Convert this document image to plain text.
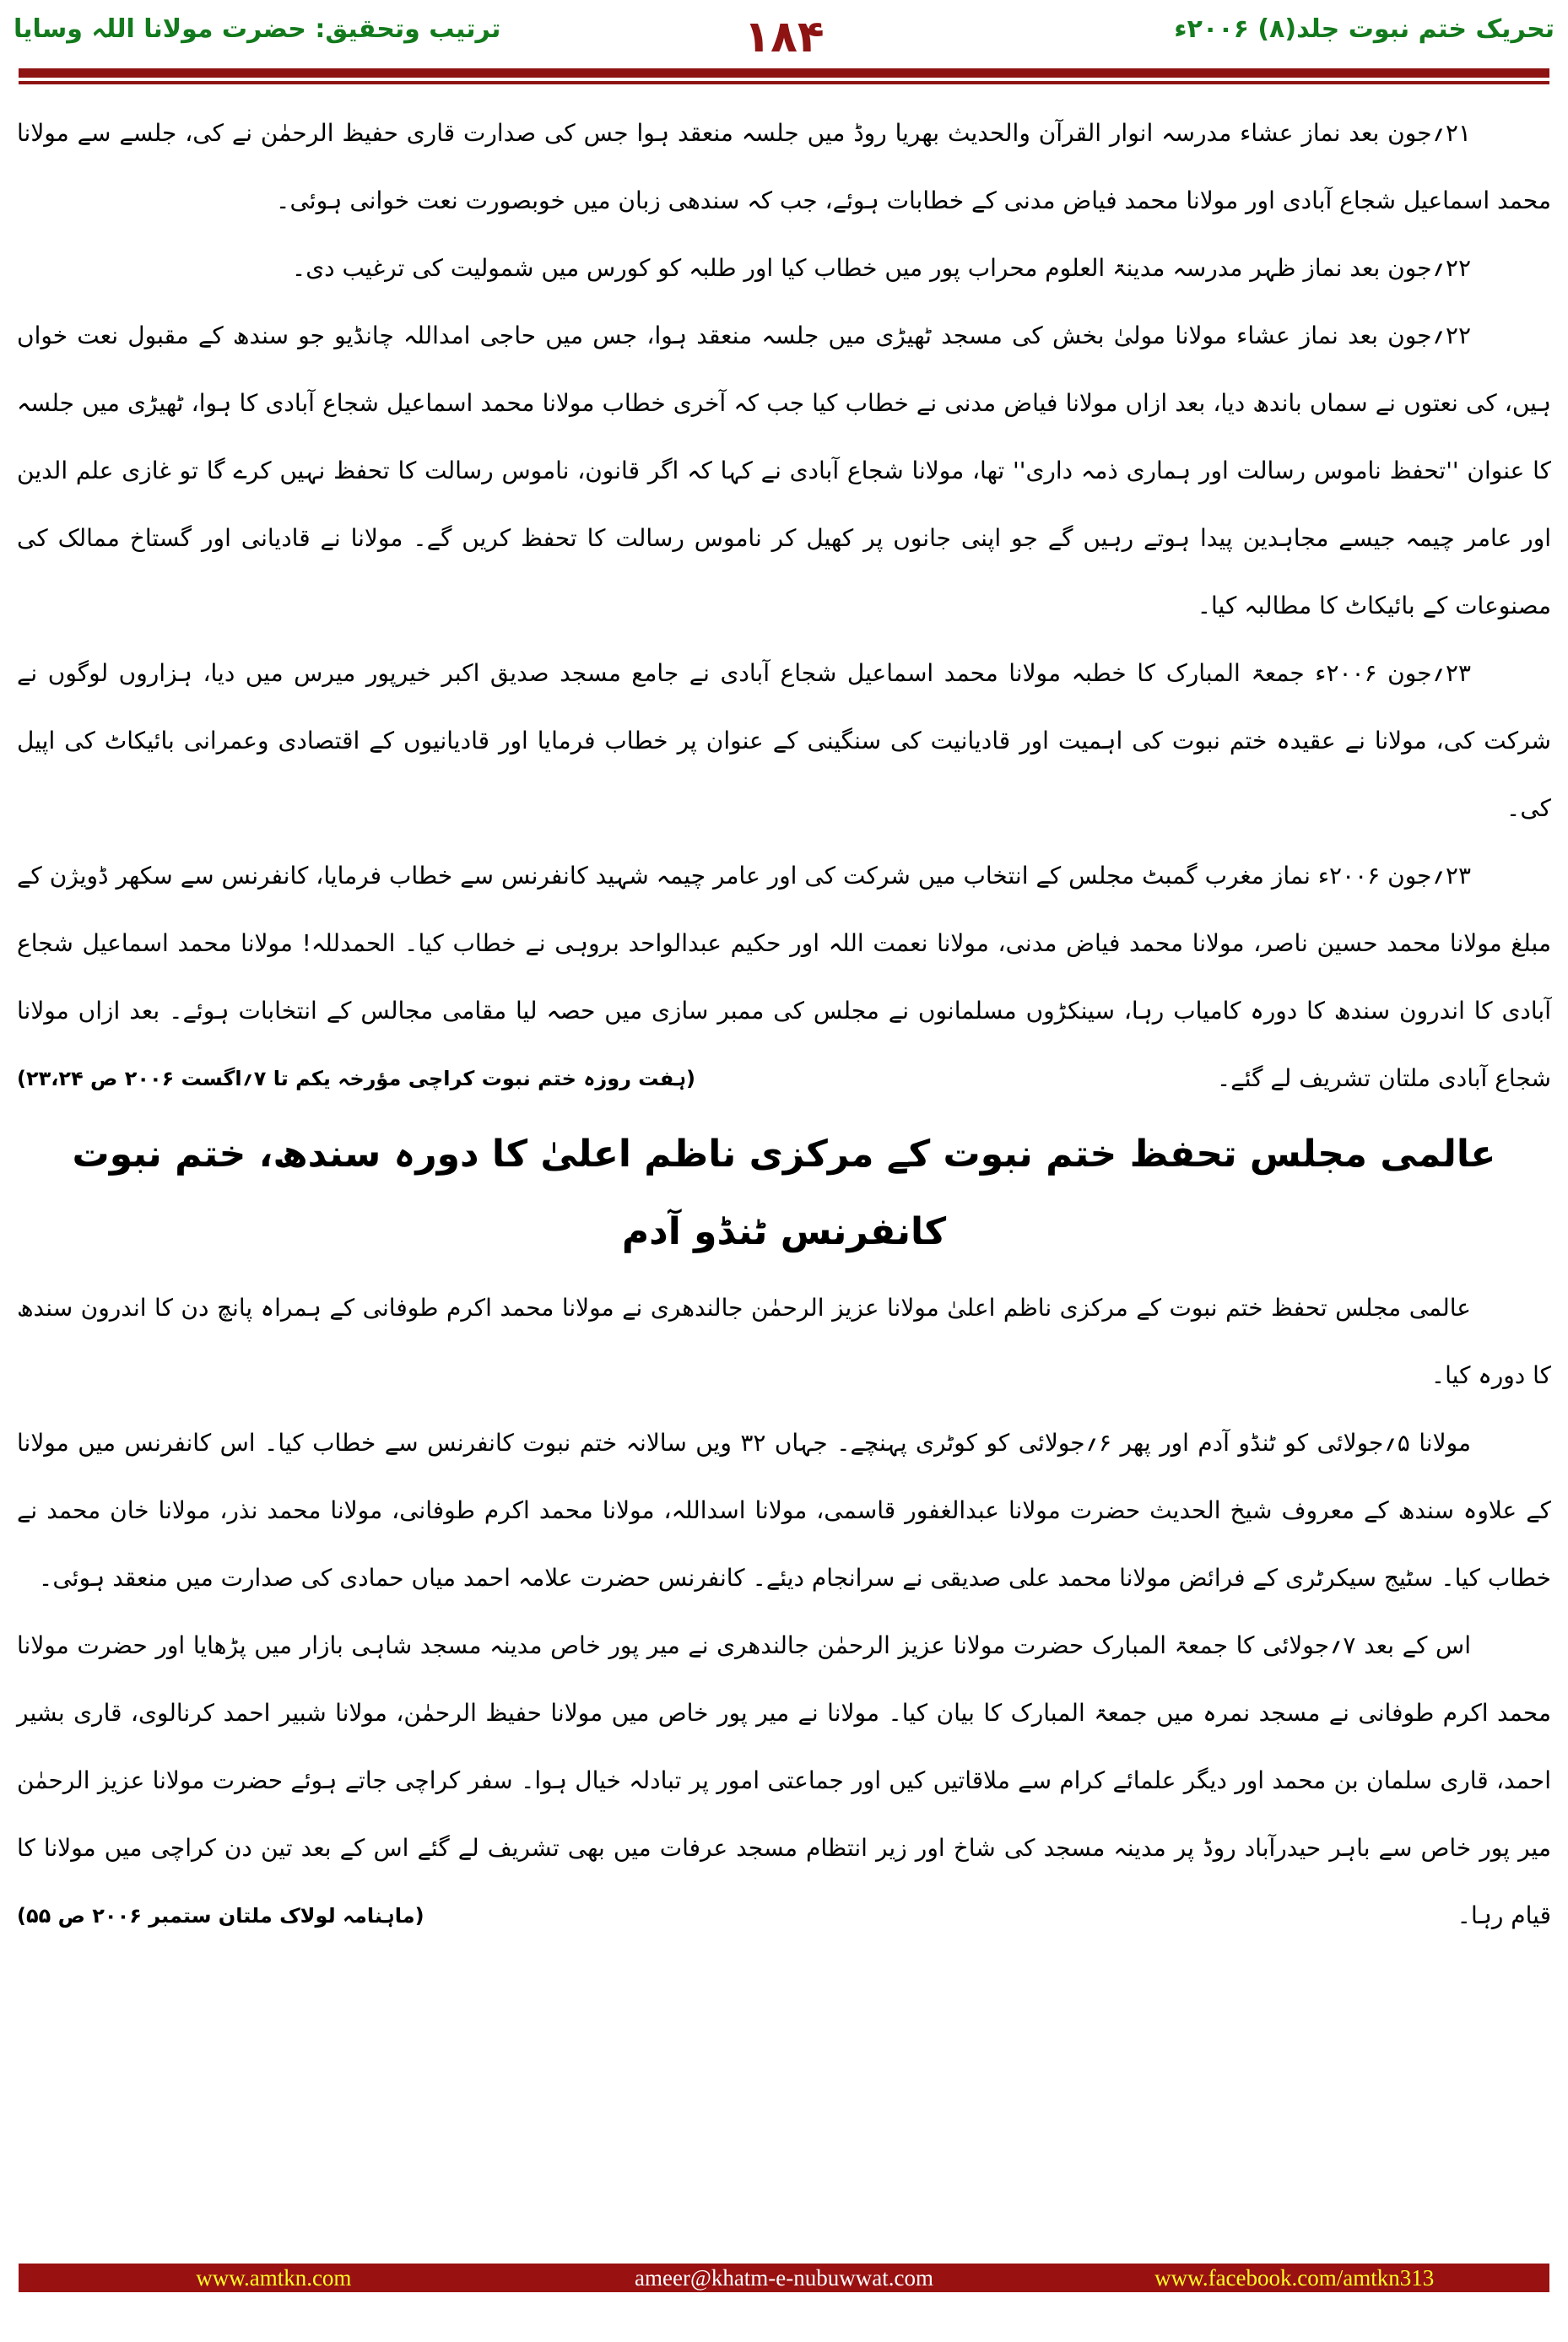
ترتیب وتحقیق: حضرت مولانا اللہ وسایا	۱۸۴	تحریک ختم نبوت جلد(۸) ۲۰۰۶ء

۲۱؍جون بعد نماز عشاء مدرسہ انوار القرآن والحدیث بھریا روڈ میں جلسہ منعقد ہوا جس کی صدارت قاری حفیظ الرحمٰن نے کی، جلسے سے مولانا محمد اسماعیل شجاع آبادی اور مولانا محمد فیاض مدنی کے خطابات ہوئے، جب کہ سندھی زبان میں خوبصورت نعت خوانی ہوئی۔

۲۲؍جون بعد نماز ظہر مدرسہ مدینۃ العلوم محراب پور میں خطاب کیا اور طلبہ کو کورس میں شمولیت کی ترغیب دی۔

۲۲؍جون بعد نماز عشاء مولانا مولیٰ بخش کی مسجد ٹھیڑی میں جلسہ منعقد ہوا، جس میں حاجی امداللہ چانڈیو جو سندھ کے مقبول نعت خواں ہیں، کی نعتوں نے سماں باندھ دیا، بعد ازاں مولانا فیاض مدنی نے خطاب کیا جب کہ آخری خطاب مولانا محمد اسماعیل شجاع آبادی کا ہوا، ٹھیڑی میں جلسہ کا عنوان ''تحفظ ناموس رسالت اور ہماری ذمہ داری'' تھا، مولانا شجاع آبادی نے کہا کہ اگر قانون، ناموس رسالت کا تحفظ نہیں کرے گا تو غازی علم الدین اور عامر چیمہ جیسے مجاہدین پیدا ہوتے رہیں گے جو اپنی جانوں پر کھیل کر ناموس رسالت کا تحفظ کریں گے۔ مولانا نے قادیانی اور گستاخ ممالک کی مصنوعات کے بائیکاٹ کا مطالبہ کیا۔

۲۳؍جون ۲۰۰۶ء جمعۃ المبارک کا خطبہ مولانا محمد اسماعیل شجاع آبادی نے جامع مسجد صدیق اکبر خیرپور میرس میں دیا، ہزاروں لوگوں نے شرکت کی، مولانا نے عقیدہ ختم نبوت کی اہمیت اور قادیانیت کی سنگینی کے عنوان پر خطاب فرمایا اور قادیانیوں کے اقتصادی وعمرانی بائیکاٹ کی اپیل کی۔

۲۳؍جون ۲۰۰۶ء نماز مغرب گمبٹ مجلس کے انتخاب میں شرکت کی اور عامر چیمہ شہید کانفرنس سے خطاب فرمایا، کانفرنس سے سکھر ڈویژن کے مبلغ مولانا محمد حسین ناصر، مولانا محمد فیاض مدنی، مولانا نعمت اللہ اور حکیم عبدالواحد بروہی نے خطاب کیا۔ الحمدللہ! مولانا محمد اسماعیل شجاع آبادی کا اندرون سندھ کا دورہ کامیاب رہا، سینکڑوں مسلمانوں نے مجلس کی ممبر سازی میں حصہ لیا مقامی مجالس کے انتخابات ہوئے۔ بعد ازاں مولانا شجاع آبادی ملتان تشریف لے گئے۔
(ہفت روزہ ختم نبوت کراچی مؤرخہ یکم تا ۷؍اگست ۲۰۰۶ ص ۲۳،۲۴)

عالمی مجلس تحفظ ختم نبوت کے مرکزی ناظم اعلیٰ کا دورہ سندھ، ختم نبوت کانفرنس ٹنڈو آدم

عالمی مجلس تحفظ ختم نبوت کے مرکزی ناظم اعلیٰ مولانا عزیز الرحمٰن جالندھری نے مولانا محمد اکرم طوفانی کے ہمراہ پانچ دن کا اندرون سندھ کا دورہ کیا۔

مولانا ۵؍جولائی کو ٹنڈو آدم اور پھر ۶؍جولائی کو کوٹری پہنچے۔ جہاں ۳۲ ویں سالانہ ختم نبوت کانفرنس سے خطاب کیا۔ اس کانفرنس میں مولانا کے علاوہ سندھ کے معروف شیخ الحدیث حضرت مولانا عبدالغفور قاسمی، مولانا اسداللہ، مولانا محمد اکرم طوفانی، مولانا محمد نذر، مولانا خان محمد نے خطاب کیا۔ سٹیج سیکرٹری کے فرائض مولانا محمد علی صدیقی نے سرانجام دیئے۔ کانفرنس حضرت علامہ احمد میاں حمادی کی صدارت میں منعقد ہوئی۔

اس کے بعد ۷؍جولائی کا جمعۃ المبارک حضرت مولانا عزیز الرحمٰن جالندھری نے میر پور خاص مدینہ مسجد شاہی بازار میں پڑھایا اور حضرت مولانا محمد اکرم طوفانی نے مسجد نمرہ میں جمعۃ المبارک کا بیان کیا۔ مولانا نے میر پور خاص میں مولانا حفیظ الرحمٰن، مولانا شبیر احمد کرنالوی، قاری بشیر احمد، قاری سلمان بن محمد اور دیگر علمائے کرام سے ملاقاتیں کیں اور جماعتی امور پر تبادلہ خیال ہوا۔ سفر کراچی جاتے ہوئے حضرت مولانا عزیز الرحمٰن میر پور خاص سے باہر حیدرآباد روڈ پر مدینہ مسجد کی شاخ اور زیر انتظام مسجد عرفات میں بھی تشریف لے گئے اس کے بعد تین دن کراچی میں مولانا کا قیام رہا۔
(ماہنامہ لولاک ملتان ستمبر ۲۰۰۶ ص ۵۵)

www.amtkn.com	ameer@khatm-e-nubuwwat.com	www.facebook.com/amtkn313
